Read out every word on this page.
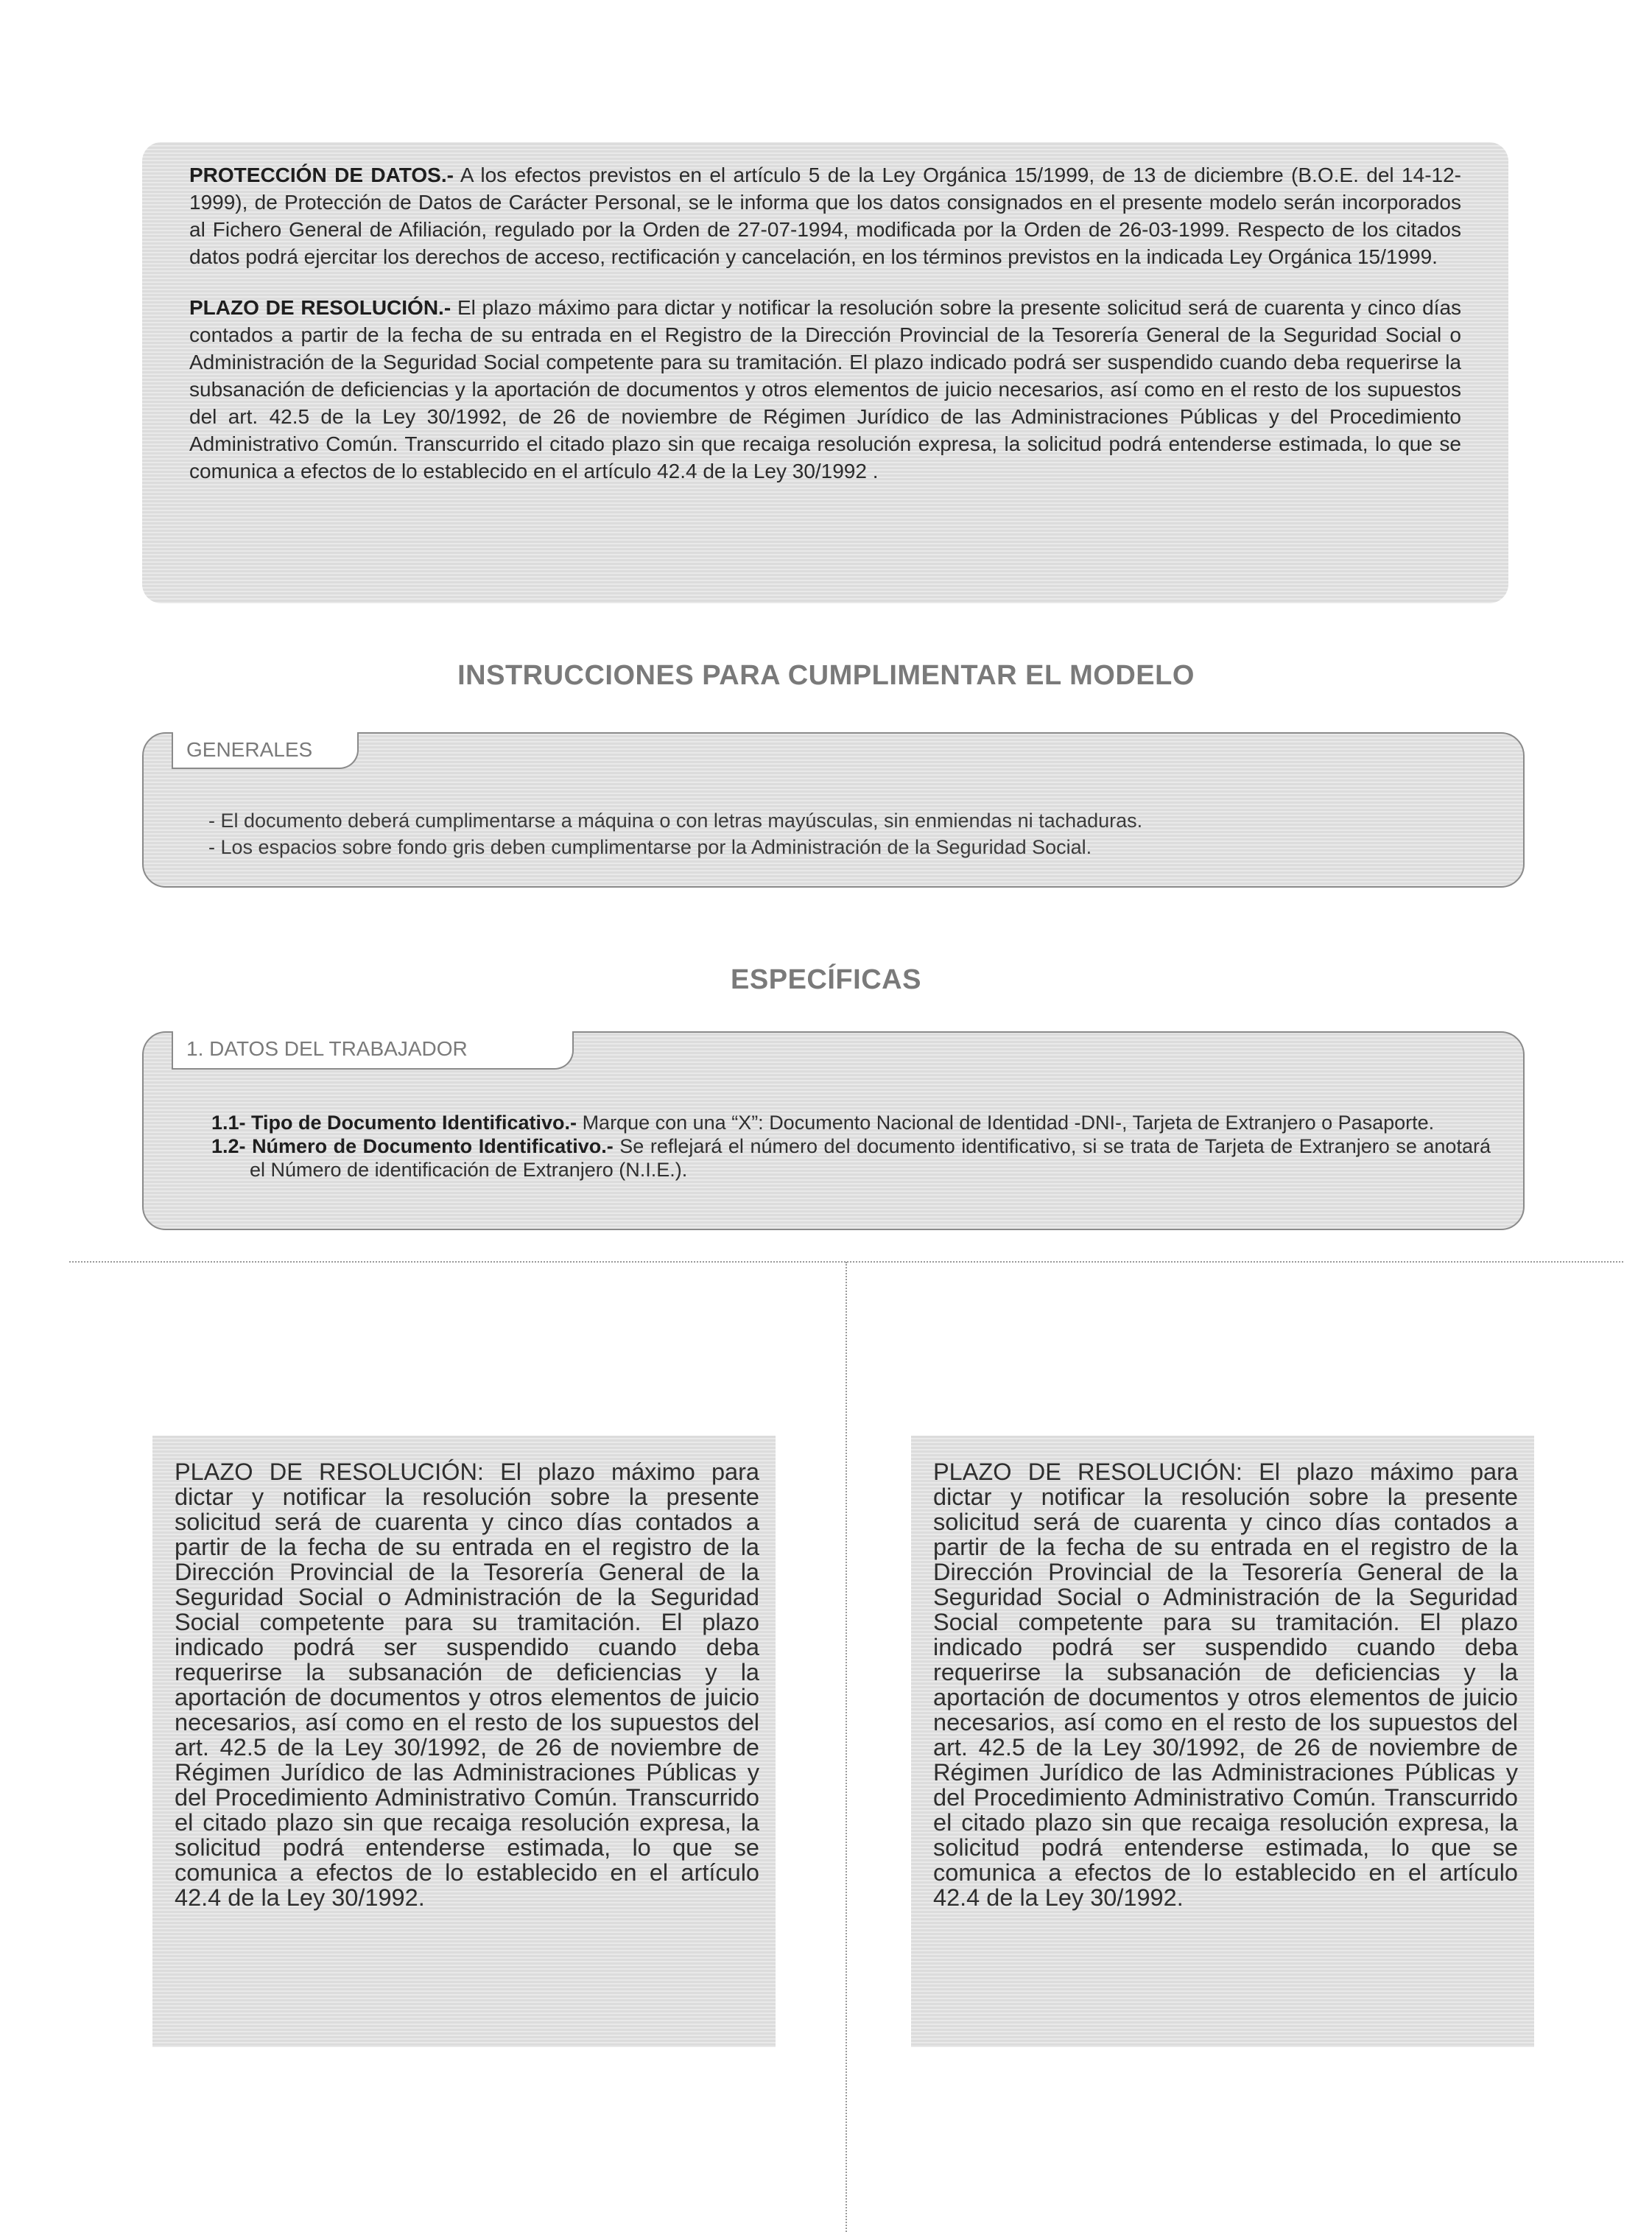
PROTECCIÓN DE DATOS.- A los efectos previstos en el artículo 5 de la Ley Orgánica 15/1999, de 13 de diciembre (B.O.E. del 14-12-1999), de Protección de Datos de Carácter Personal, se le informa que los datos consignados en el presente modelo serán incorporados al Fichero General de Afiliación, regulado por la Orden de 27-07-1994, modificada por la Orden de 26-03-1999. Respecto de los citados datos podrá ejercitar los derechos de acceso, rectificación y cancelación, en los términos previstos en la indicada Ley Orgánica 15/1999.

PLAZO DE RESOLUCIÓN.- El plazo máximo para dictar y notificar la resolución sobre la presente solicitud será de cuarenta y cinco días contados a partir de la fecha de su entrada en el Registro de la Dirección Provincial de la Tesorería General de la Seguridad Social o Administración de la Seguridad Social competente para su tramitación. El plazo indicado podrá ser suspendido cuando deba requerirse la subsanación de deficiencias y la aportación de documentos y otros elementos de juicio necesarios, así como en el resto de los supuestos del art. 42.5 de la Ley 30/1992, de 26 de noviembre de Régimen Jurídico de las Administraciones Públicas y del Procedimiento Administrativo Común. Transcurrido el citado plazo sin que recaiga resolución expresa, la solicitud podrá entenderse estimada, lo que se comunica a efectos de lo establecido en el artículo 42.4 de la Ley 30/1992 .

INSTRUCCIONES PARA CUMPLIMENTAR EL MODELO
GENERALES
- El documento deberá cumplimentarse a máquina o con letras mayúsculas, sin enmiendas ni tachaduras.
- Los espacios sobre fondo gris deben cumplimentarse por la Administración de la Seguridad Social.
ESPECÍFICAS
1. DATOS DEL TRABAJADOR
1.1- Tipo de Documento Identificativo.- Marque con una “X”: Documento Nacional de Identidad -DNI-, Tarjeta de Extranjero o Pasaporte.
1.2- Número de Documento Identificativo.- Se reflejará el número del documento identificativo, si se trata de Tarjeta de Extranjero se anotará el Número de identificación de Extranjero (N.I.E.).
PLAZO DE RESOLUCIÓN: El plazo máximo para dictar y notificar la resolución sobre la presente solicitud será de cuarenta y cinco días contados a partir de la fecha de su entrada en el registro de la Dirección Provincial de la Tesorería General de la Seguridad Social o Administración de la Seguridad Social competente para su tramitación. El plazo indicado podrá ser suspendido cuando deba requerirse la subsanación de deficiencias y la aportación de documentos y otros elementos de juicio necesarios, así como en el resto de los supuestos del art. 42.5 de la Ley 30/1992, de 26 de noviembre de Régimen Jurídico de las Administraciones Públicas y del Procedimiento Administrativo Común. Transcurrido el citado plazo sin que recaiga resolución expresa, la solicitud podrá entenderse estimada, lo que se comunica a efectos de lo establecido en el artículo 42.4 de la Ley 30/1992.
PLAZO DE RESOLUCIÓN: El plazo máximo para dictar y notificar la resolución sobre la presente solicitud será de cuarenta y cinco días contados a partir de la fecha de su entrada en el registro de la Dirección Provincial de la Tesorería General de la Seguridad Social o Administración de la Seguridad Social competente para su tramitación. El plazo indicado podrá ser suspendido cuando deba requerirse la subsanación de deficiencias y la aportación de documentos y otros elementos de juicio necesarios, así como en el resto de los supuestos del art. 42.5 de la Ley 30/1992, de 26 de noviembre de Régimen Jurídico de las Administraciones Públicas y del Procedimiento Administrativo Común. Transcurrido el citado plazo sin que recaiga resolución expresa, la solicitud podrá entenderse estimada, lo que se comunica a efectos de lo establecido en el artículo 42.4 de la Ley 30/1992.
